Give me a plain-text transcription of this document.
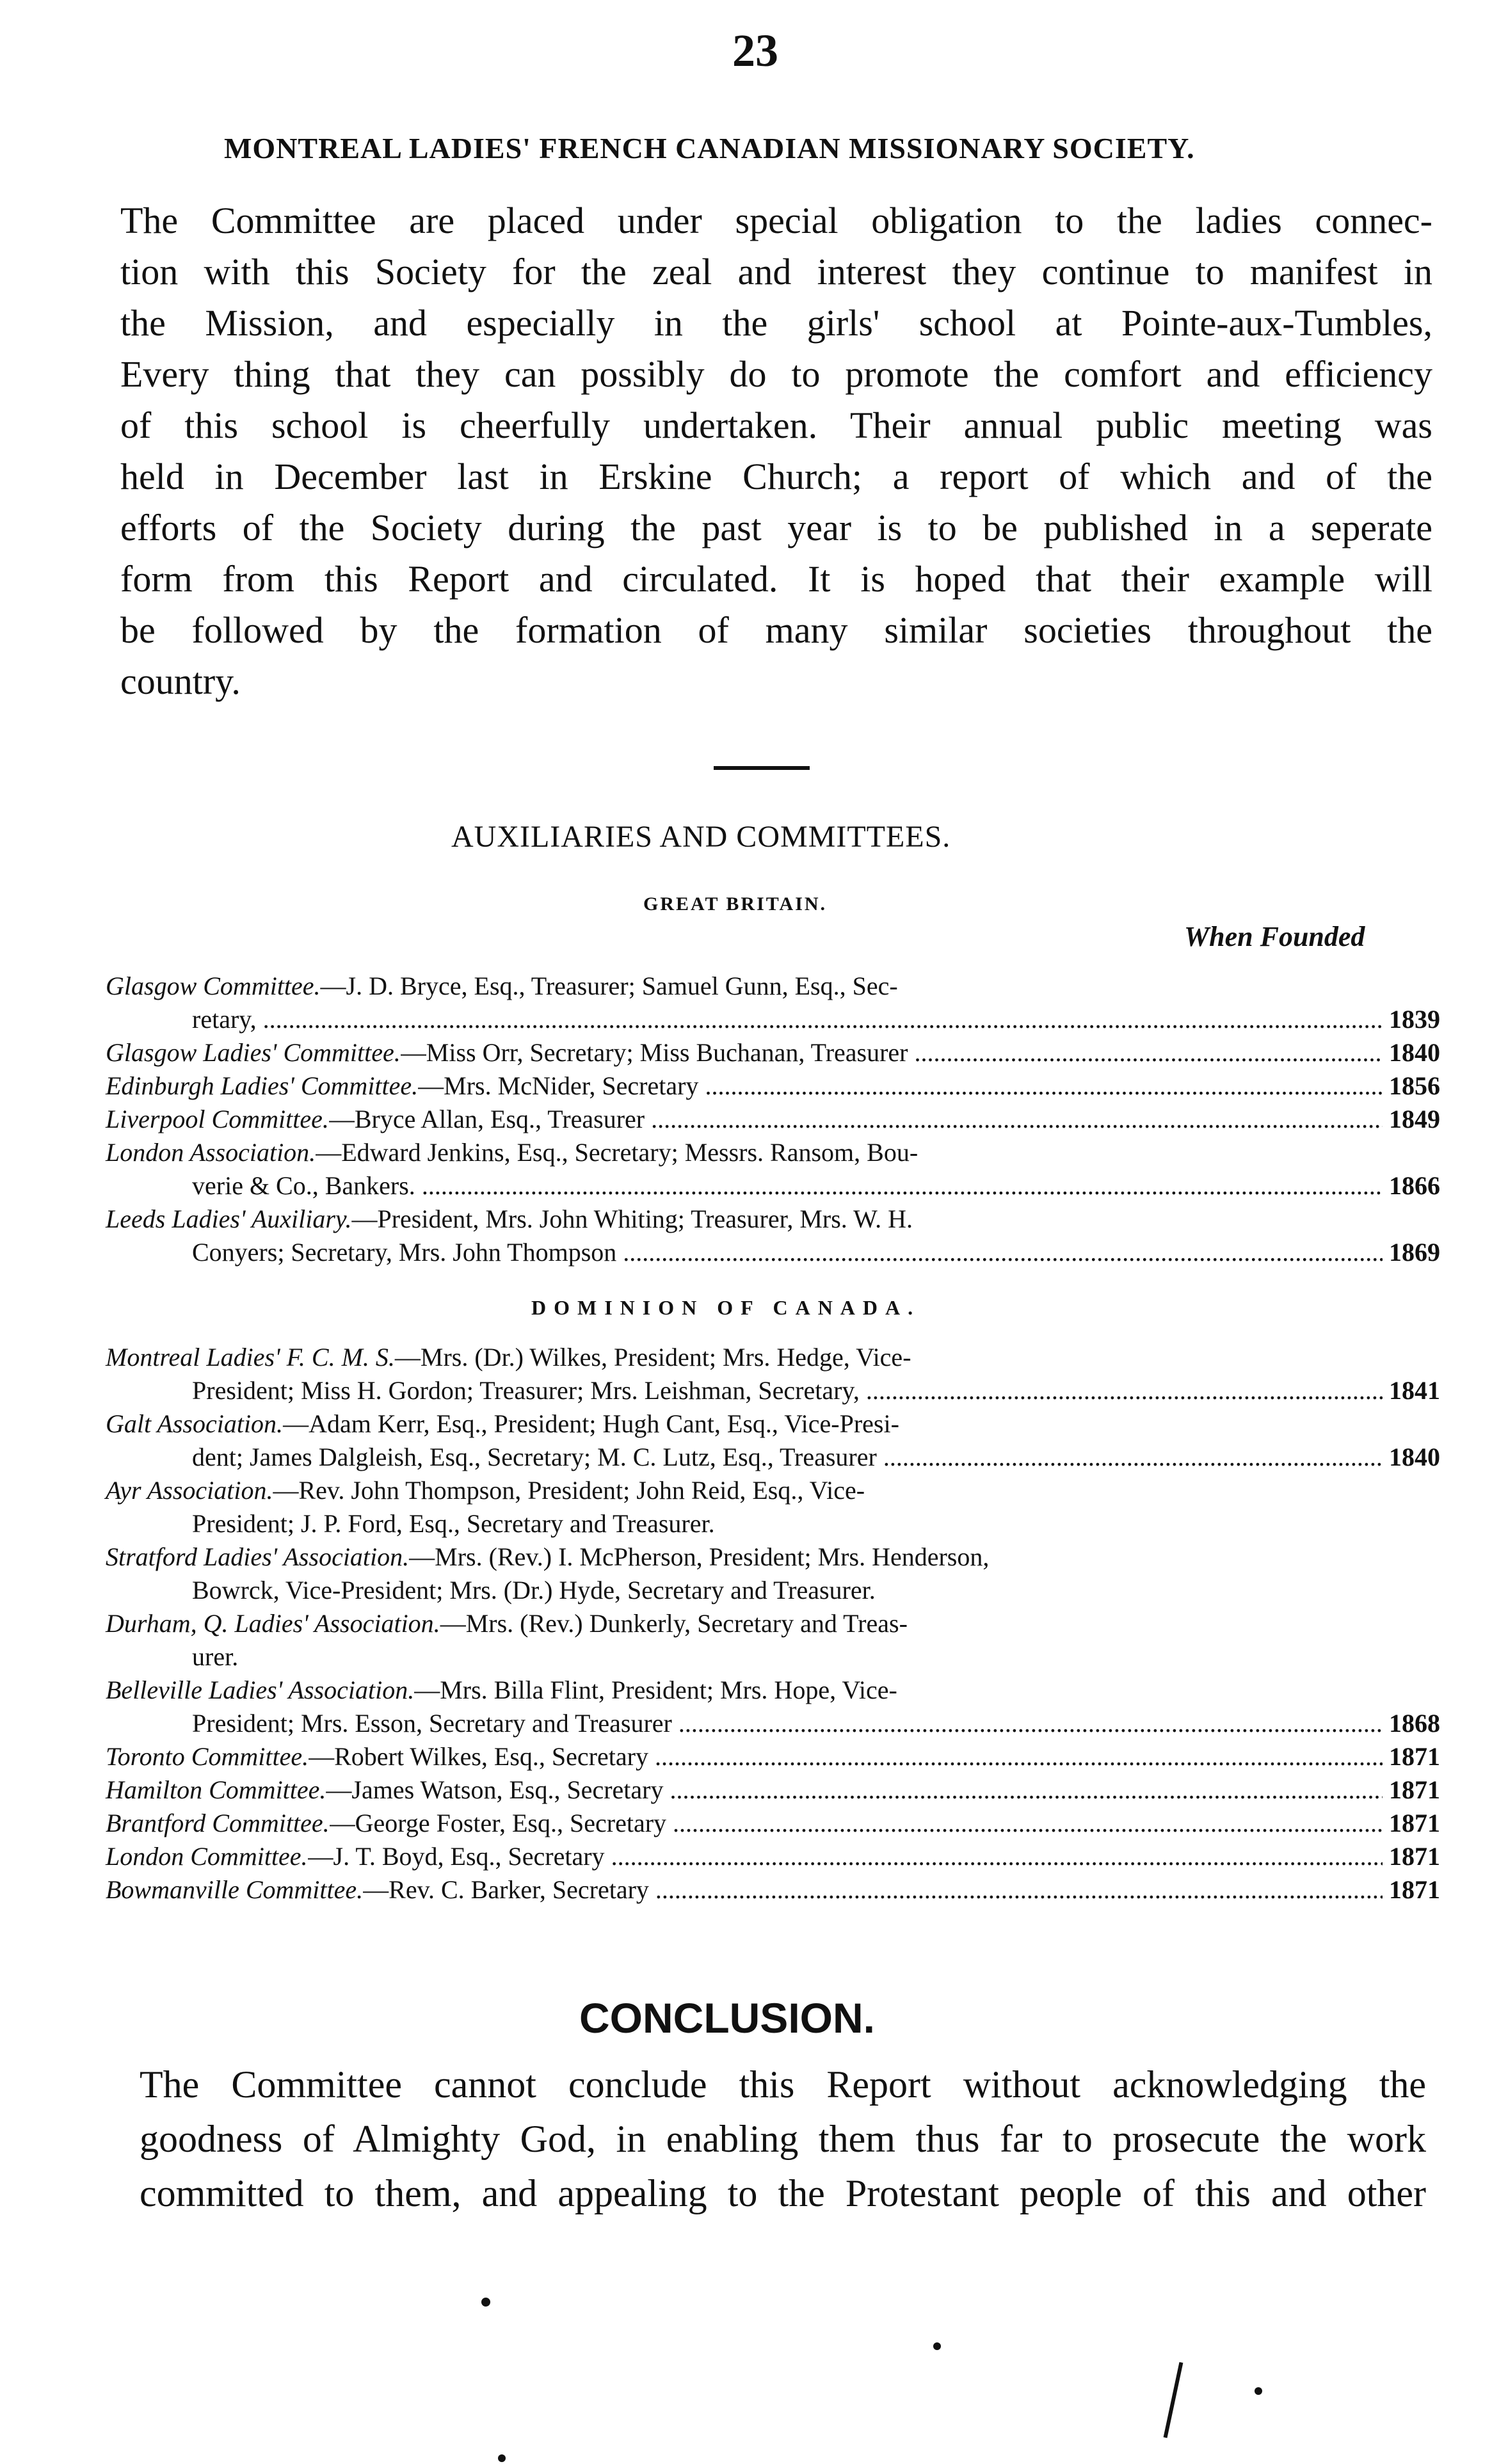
23
MONTREAL LADIES' FRENCH CANADIAN MISSIONARY SOCIETY.
The Committee are placed under special obligation to the ladies connec-
tion with this Society for the zeal and interest they continue to manifest in
the Mission, and especially in the girls' school at Pointe-aux-Tumbles,
Every thing that they can possibly do to promote the comfort and efficiency
of this school is cheerfully undertaken. Their annual public meeting was
held in December last in Erskine Church; a report of which and of the
efforts of the Society during the past year is to be published in a seperate
form from this Report and circulated. It is hoped that their example will
be followed by the formation of many similar societies throughout the
country.
AUXILIARIES AND COMMITTEES.
GREAT BRITAIN.
When Founded
Glasgow Committee. —J. D. Bryce, Esq., Treasurer; Samuel Gunn, Esq., Sec-
retary, .....	1839
Glasgow Ladies' Committee. —Miss Orr, Secretary; Miss Buchanan, Treasurer .....	1840
Edinburgh Ladies' Committee. —Mrs. McNider, Secretary .....	1856
Liverpool Committee. —Bryce Allan, Esq., Treasurer .....	1849
London Association. —Edward Jenkins, Esq., Secretary; Messrs. Ransom, Bou-
verie & Co., Bankers. .....	1866
Leeds Ladies' Auxiliary. —President, Mrs. John Whiting; Treasurer, Mrs. W. H.
Conyers; Secretary, Mrs. John Thompson .....	1869
DOMINION OF CANADA.
Montreal Ladies' F. C. M. S. —Mrs. (Dr.) Wilkes, President; Mrs. Hedge, Vice-
President; Miss H. Gordon; Treasurer; Mrs. Leishman, Secretary, .....	1841
Galt Association. —Adam Kerr, Esq., President; Hugh Cant, Esq., Vice-Presi-
dent; James Dalgleish, Esq., Secretary; M. C. Lutz, Esq., Treasurer .....	1840
Ayr Association. —Rev. John Thompson, President; John Reid, Esq., Vice-
President; J. P. Ford, Esq., Secretary and Treasurer.
Stratford Ladies' Association. —Mrs. (Rev.) I. McPherson, President; Mrs. Henderson,
Bowrck, Vice-President; Mrs. (Dr.) Hyde, Secretary and Treasurer.
Durham, Q. Ladies' Association. —Mrs. (Rev.) Dunkerly, Secretary and Treas-
urer.
Belleville Ladies' Association. —Mrs. Billa Flint, President; Mrs. Hope, Vice-
President; Mrs. Esson, Secretary and Treasurer .....	1868
Toronto Committee. —Robert Wilkes, Esq., Secretary .....	1871
Hamilton Committee. —James Watson, Esq., Secretary .....	1871
Brantford Committee. —George Foster, Esq., Secretary .....	1871
London Committee. —J. T. Boyd, Esq., Secretary .....	1871
Bowmanville Committee. —Rev. C. Barker, Secretary .....	1871
CONCLUSION.
The Committee cannot conclude this Report without acknowledging the
goodness of Almighty God, in enabling them thus far to prosecute the work
committed to them, and appealing to the Protestant people of this and other
